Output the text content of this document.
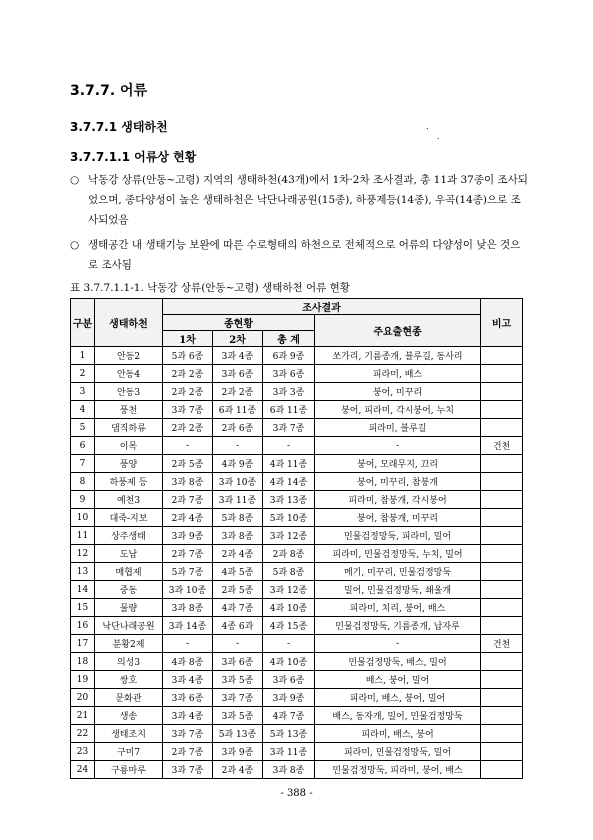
3.7.7. 어류
3.7.7.1 생태하천	.
.
3.7.7.1.1 어류상 현황
○ 낙동강 상류(안동~고령) 지역의 생태하천(43개)에서 1차·2차 조사결과, 총 11과 37종이 조사되었으며, 종다양성이 높은 생태하천은 낙단나래공원(15종), 하풍제등(14종), 우곡(14종)으로 조사되었음
○ 생태공간 내 생태기능 보완에 따른 수로형태의 하천으로 전체적으로 어류의 다양성이 낮은 것으로 조사됨
표 3.7.7.1.1-1. 낙동강 상류(안동~고령) 생태하천 어류 현황
구분	생태하천	조사결과				비고
		종현황			주요출현종	
		1차	2차	총 계		
1	안동2	5과 6종	3과 4종	6과 9종	쏘가리, 기름종개, 블루길, 동사리	
2	안동4	2과 2종	3과 6종	3과 6종	피라미, 배스	
3	안동3	2과 2종	2과 2종	3과 3종	붕어, 미꾸리	
4	풍천	3과 7종	6과 11종	6과 11종	붕어, 피라미, 각시붕어, 누치	
5	댐직하류	2과 2종	2과 6종	3과 7종	피라미, 블루길	
6	이목	-	-	-	-	건천
7	풍양	2과 5종	4과 9종	4과 11종	붕어, 모래무지, 끄리	
8	하풍제 등	3과 8종	3과 10종	4과 14종	붕어, 미꾸리, 참붕개	
9	예천3	2과 7종	3과 11종	3과 13종	피라미, 참붕개, 각시붕어	
10	대죽-지보	2과 4종	5과 8종	5과 10종	붕어, 참붕개, 미꾸리	
11	상주생태	3과 9종	3과 8종	3과 12종	민물검정망둑, 피라미, 밀어	
12	도남	2과 7종	2과 4종	2과 8종	피라미, 민물검정망둑, 누치, 밀어	
13	매협제	5과 7종	4과 5종	5과 8종	메기, 미꾸리, 민물검정망둑	
14	중동	3과 10종	2과 5종	3과 12종	밀어, 민물검정망둑, 쇄울개	
15	물량	3과 8종	4과 7종	4과 10종	피라미, 치리, 붕어, 배스	
16	낙단나래공원	3과 14종	4종 6과	4과 15종	민물검정망둑, 기름종개, 납자루	
17	분황2제	-	-	-	-	건천
18	의성3	4과 8종	3과 6종	4과 10종	민물검정망둑, 배스, 밀어	
19	쌍호	3과 4종	3과 5종	3과 6종	배스, 붕어, 밀어	
20	문화관	3과 6종	3과 7종	3과 9종	피라미, 배스, 붕어, 밀어	
21	생송	3과 4종	3과 5종	4과 7종	배스, 동자개, 밀어, 민물검정망둑	
22	생태조지	3과 7종	5과 13종	5과 13종	피라미, 배스, 붕어	
23	구미7	2과 7종	3과 9종	3과 11종	피라미, 민물검정망둑, 밀어	
24	구룡마루	3과 7종	2과 4종	3과 8종	민물검정망둑, 피라미, 붕어, 배스	
- 388 -
